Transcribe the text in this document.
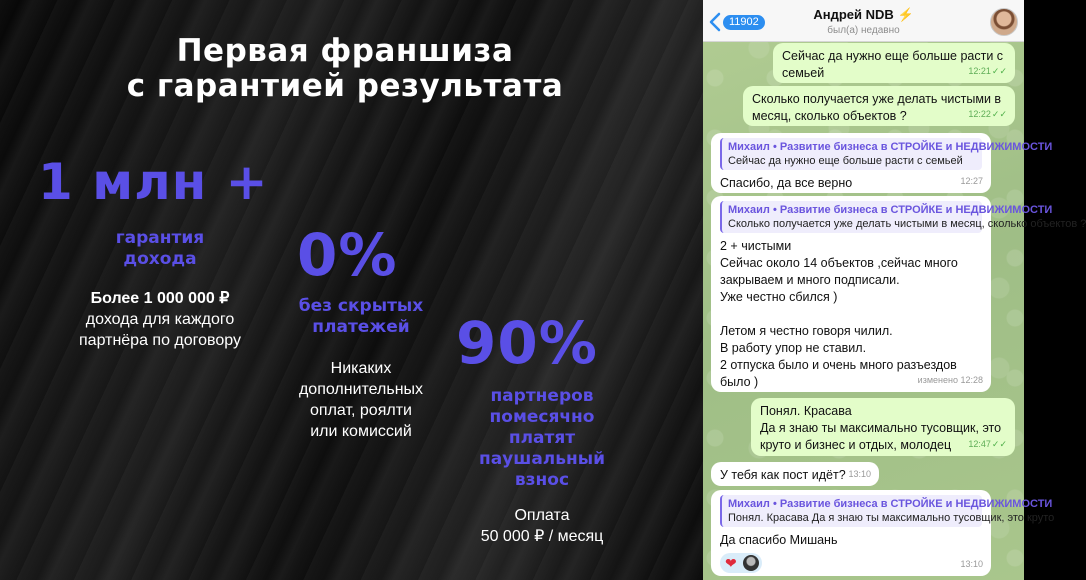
Первая франшиза
с гарантией результата
1 млн +
гарантия
дохода
Более 1 000 000 ₽
дохода для каждого
партнёра по договору
0%
без скрытых
платежей
Никаких
дополнительных
оплат, роялти
или комиссий
90%
партнеров
помесячно
платят
паушальный
взнос
Оплата
50 000 ₽ / месяц
11902	Андрей NDB ⚡
был(а) недавно

Сейчас да нужно еще больше расти с семьей	12:21✓✓

Сколько получается уже делать чистыми в месяц, сколько объектов ?	12:22✓✓
Михаил • Развитие бизнеса в СТРОЙКЕ и НЕДВИЖИМОСТИ
Сейчас да нужно еще больше расти с семьей

Спасибо, да все верно	12:27
Михаил • Развитие бизнеса в СТРОЙКЕ и НЕДВИЖИМОСТИ
Сколько получается уже делать чистыми в месяц, сколько объектов ?

2 + чистыми
Сейчас около 14 объектов ,сейчас много закрываем и много подписали.
Уже честно сбился )

Летом я честно говоря чилил.
В работу упор не ставил.
2 отпуска было и очень много разъездов было )	изменено 12:28

Понял. Красава
Да я знаю ты максимально тусовщик, это круто и бизнес и отдых, молодец	12:47✓✓

У тебя как пост идёт? 13:10
Михаил • Развитие бизнеса в СТРОЙКЕ и НЕДВИЖИМОСТИ
Понял. Красава Да я знаю ты максимально тусовщик, это круто

Да спасибо Мишань

❤	13:10
